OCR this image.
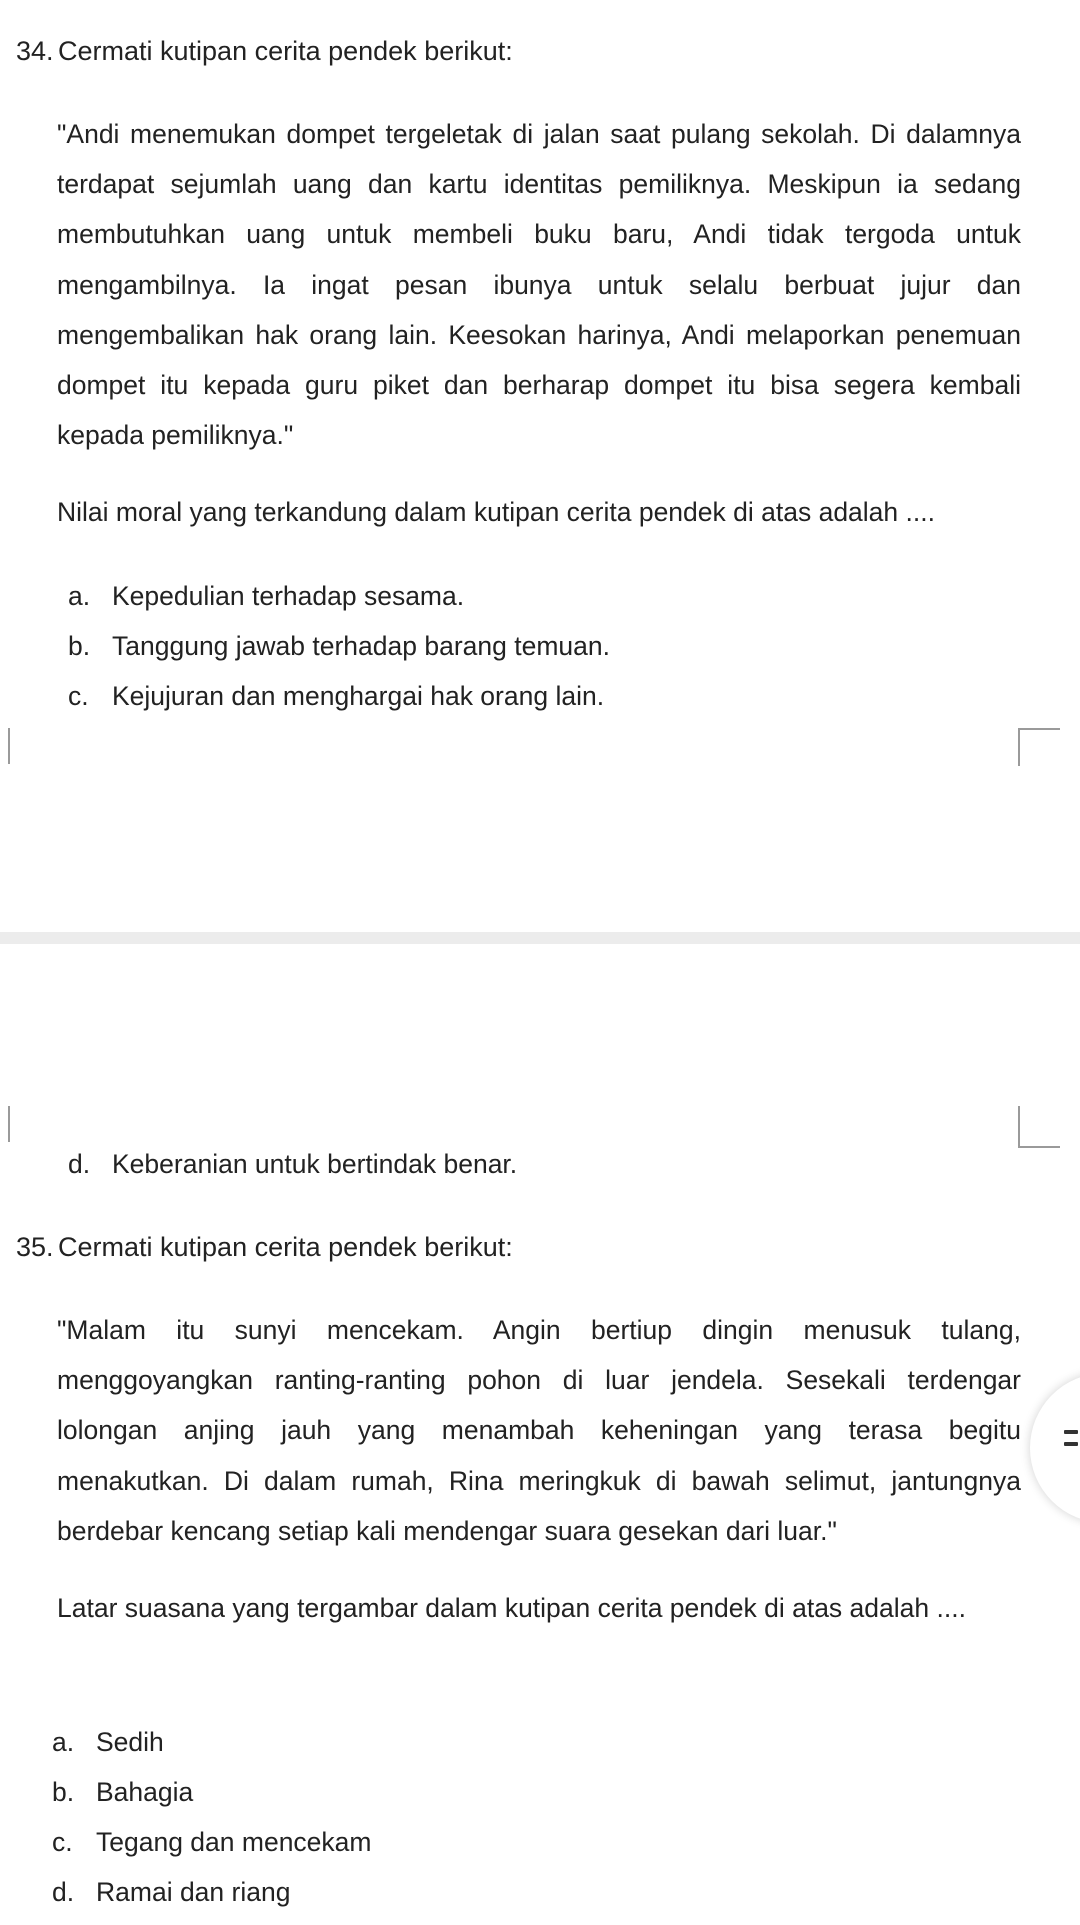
34. Cermati kutipan cerita pendek berikut:
"Andi menemukan dompet tergeletak di jalan saat pulang sekolah. Di dalamnya terdapat sejumlah uang dan kartu identitas pemiliknya. Meskipun ia sedang membutuhkan uang untuk membeli buku baru, Andi tidak tergoda untuk mengambilnya. Ia ingat pesan ibunya untuk selalu berbuat jujur dan mengembalikan hak orang lain. Keesokan harinya, Andi melaporkan penemuan dompet itu kepada guru piket dan berharap dompet itu bisa segera kembali kepada pemiliknya."
Nilai moral yang terkandung dalam kutipan cerita pendek di atas adalah ....
a. Kepedulian terhadap sesama.
b. Tanggung jawab terhadap barang temuan.
c. Kejujuran dan menghargai hak orang lain.
d. Keberanian untuk bertindak benar.
35. Cermati kutipan cerita pendek berikut:
"Malam itu sunyi mencekam. Angin bertiup dingin menusuk tulang, menggoyangkan ranting-ranting pohon di luar jendela. Sesekali terdengar lolongan anjing jauh yang menambah keheningan yang terasa begitu menakutkan. Di dalam rumah, Rina meringkuk di bawah selimut, jantungnya berdebar kencang setiap kali mendengar suara gesekan dari luar."
Latar suasana yang tergambar dalam kutipan cerita pendek di atas adalah ....
a. Sedih
b. Bahagia
c. Tegang dan mencekam
d. Ramai dan riang
